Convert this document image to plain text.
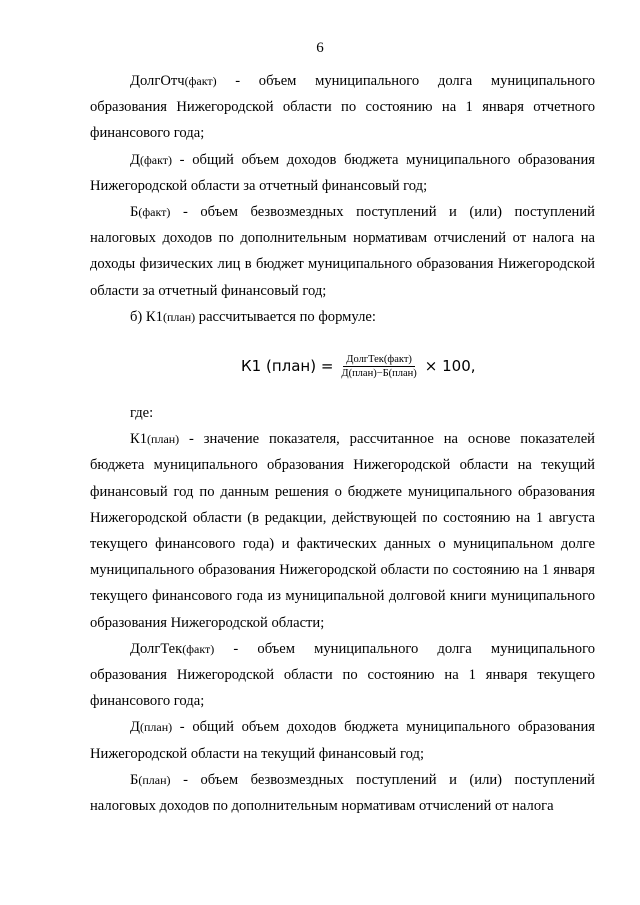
6

ДолгОтч(факт) - объем муниципального долга муниципального образования Нижегородской области по состоянию на 1 января отчетного финансового года;

Д(факт) - общий объем доходов бюджета муниципального образования Нижегородской области за отчетный финансовый год;

Б(факт) - объем безвозмездных поступлений и (или) поступлений налоговых доходов по дополнительным нормативам отчислений от налога на доходы физических лиц в бюджет муниципального образования Нижегородской области за отчетный финансовый год;

б) К1(план) рассчитывается по формуле:

К1 (план) = $\frac{\text{ДолгТек(факт)}}{\text{Д(план)−Б(план)}} \times 100$,

где:

К1(план) - значение показателя, рассчитанное на основе показателей бюджета муниципального образования Нижегородской области на текущий финансовый год по данным решения о бюджете муниципального образования Нижегородской области (в редакции, действующей по состоянию на 1 августа текущего финансового года) и фактических данных о муниципальном долге муниципального образования Нижегородской области по состоянию на 1 января текущего финансового года из муниципальной долговой книги муниципального образования Нижегородской области;

ДолгТек(факт) - объем муниципального долга муниципального образования Нижегородской области по состоянию на 1 января текущего финансового года;

Д(план) - общий объем доходов бюджета муниципального образования Нижегородской области на текущий финансовый год;

Б(план) - объем безвозмездных поступлений и (или) поступлений налоговых доходов по дополнительным нормативам отчислений от налога
